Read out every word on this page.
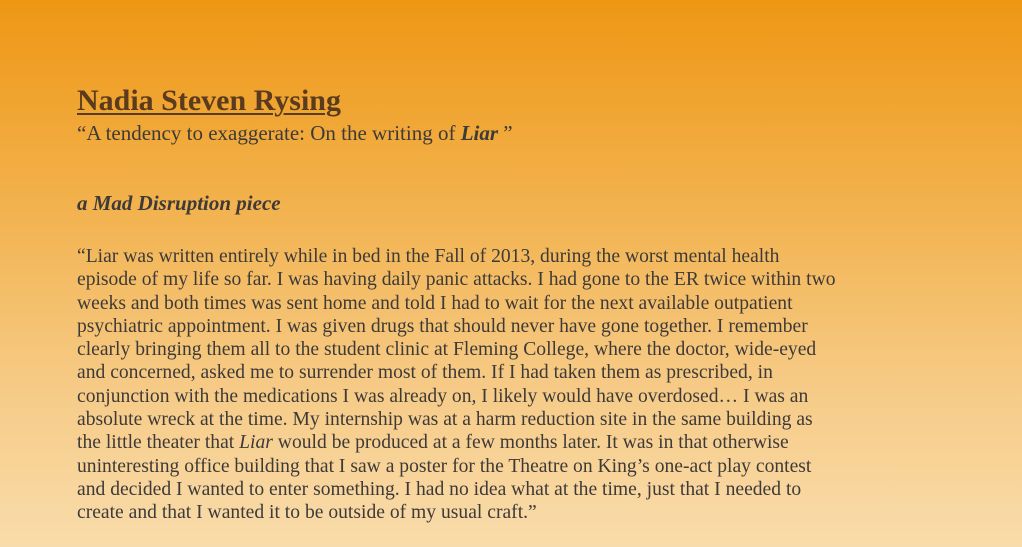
Nadia Steven Rysing

“A tendency to exaggerate: On the writing of Liar ”

a Mad Disruption piece

“Liar was written entirely while in bed in the Fall of 2013, during the worst mental health
episode of my life so far. I was having daily panic attacks. I had gone to the ER twice within two
weeks and both times was sent home and told I had to wait for the next available outpatient
psychiatric appointment. I was given drugs that should never have gone together. I remember
clearly bringing them all to the student clinic at Fleming College, where the doctor, wide-eyed
and concerned, asked me to surrender most of them. If I had taken them as prescribed, in
conjunction with the medications I was already on, I likely would have overdosed… I was an
absolute wreck at the time. My internship was at a harm reduction site in the same building as
the little theater that Liar would be produced at a few months later. It was in that otherwise
uninteresting office building that I saw a poster for the Theatre on King’s one-act play contest
and decided I wanted to enter something. I had no idea what at the time, just that I needed to
create and that I wanted it to be outside of my usual craft.”
